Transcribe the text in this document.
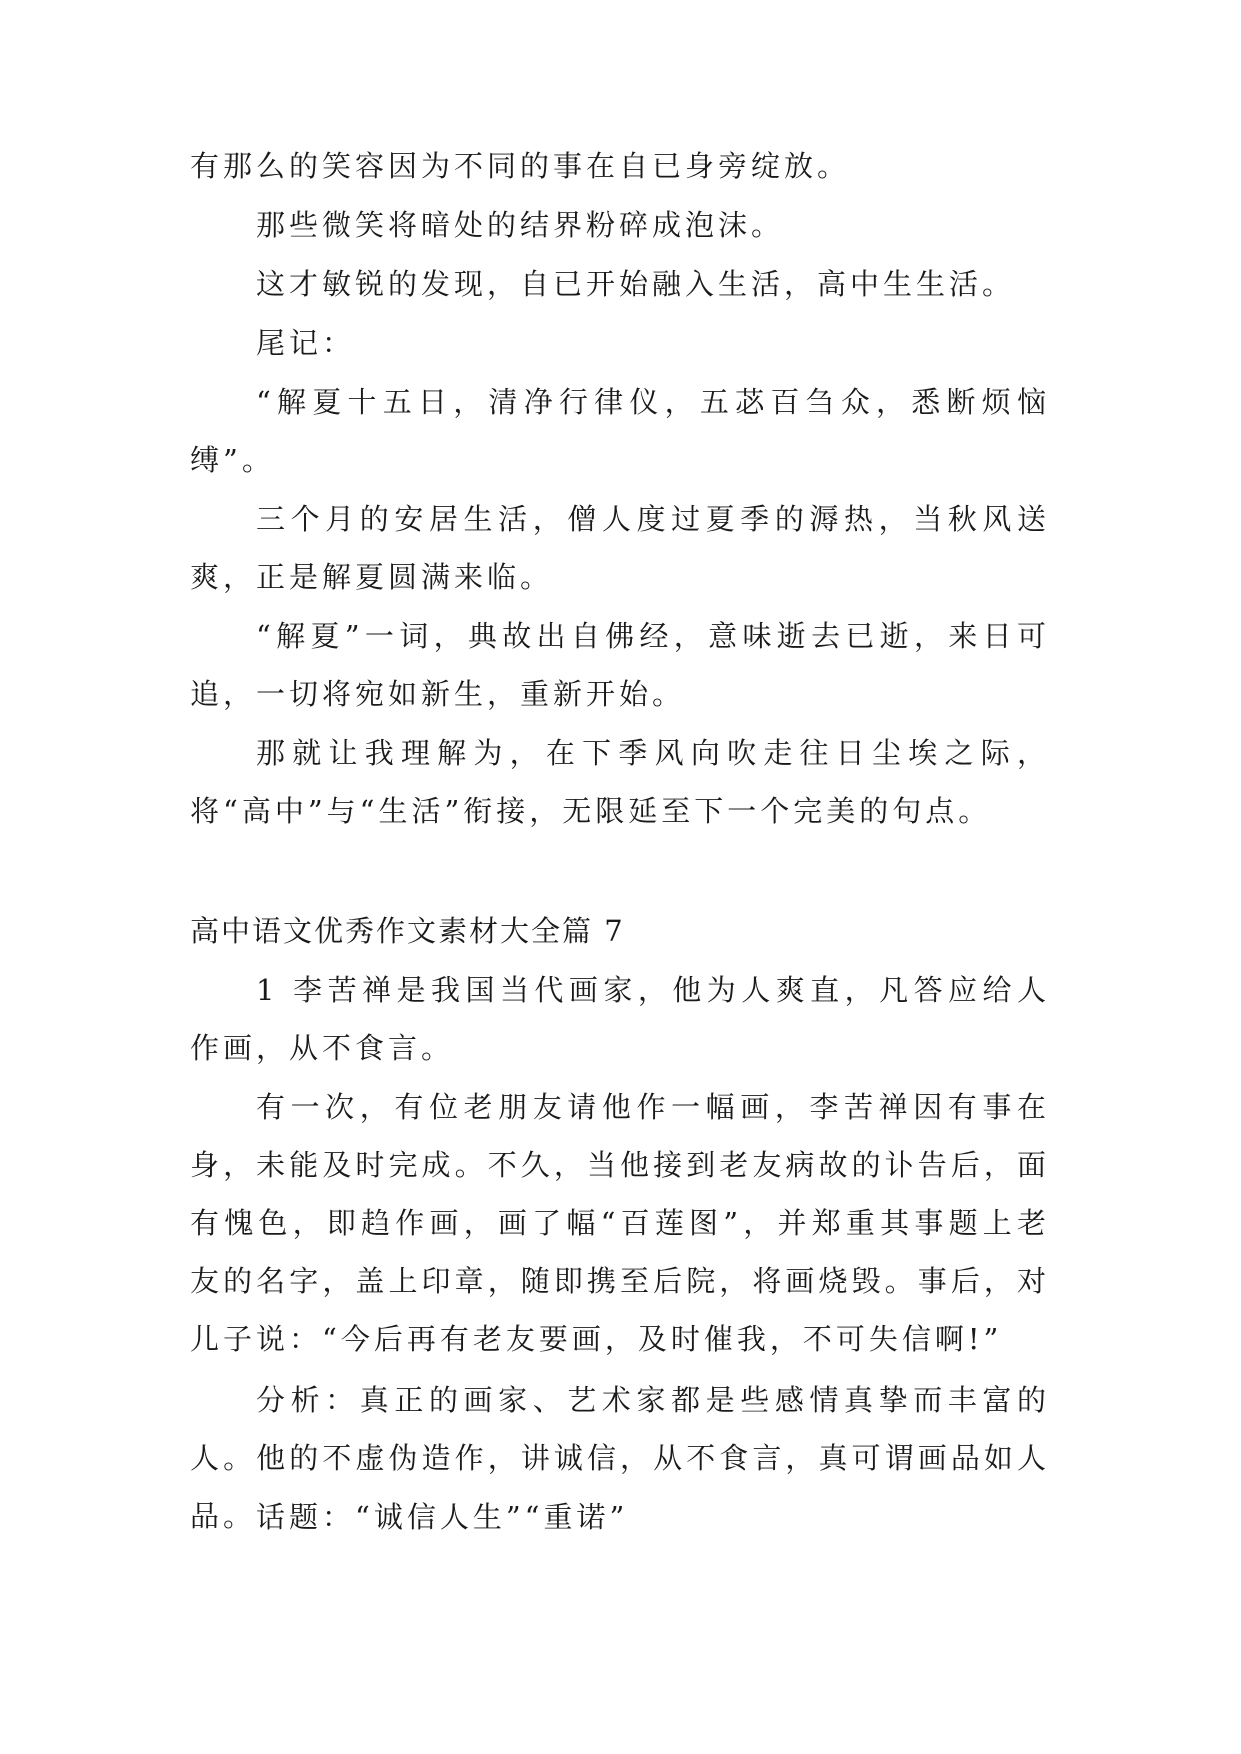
有那么的笑容因为不同的事在自已身旁绽放。

那些微笑将暗处的结界粉碎成泡沫。

这才敏锐的发现，自已开始融入生活，高中生生活。

尾记：

“解夏十五日，清净行律仪，五苾百刍众，悉断烦恼缚”。

三个月的安居生活，僧人度过夏季的溽热，当秋风送爽，正是解夏圆满来临。

“解夏”一词，典故出自佛经，意味逝去已逝，来日可追，一切将宛如新生，重新开始。

那就让我理解为，在下季风向吹走往日尘埃之际，将“高中”与“生活”衔接，无限延至下一个完美的句点。

高中语文优秀作文素材大全篇 7

1 李苦禅是我国当代画家，他为人爽直，凡答应给人作画，从不食言。

有一次，有位老朋友请他作一幅画，李苦禅因有事在身，未能及时完成。不久，当他接到老友病故的讣告后，面有愧色，即趋作画，画了幅“百莲图”，并郑重其事题上老友的名字，盖上印章，随即携至后院，将画烧毁。事后，对儿子说：“今后再有老友要画，及时催我，不可失信啊!”

分析：真正的画家、艺术家都是些感情真挚而丰富的人。他的不虚伪造作，讲诚信，从不食言，真可谓画品如人品。 话题：“诚信人生”“重诺”
